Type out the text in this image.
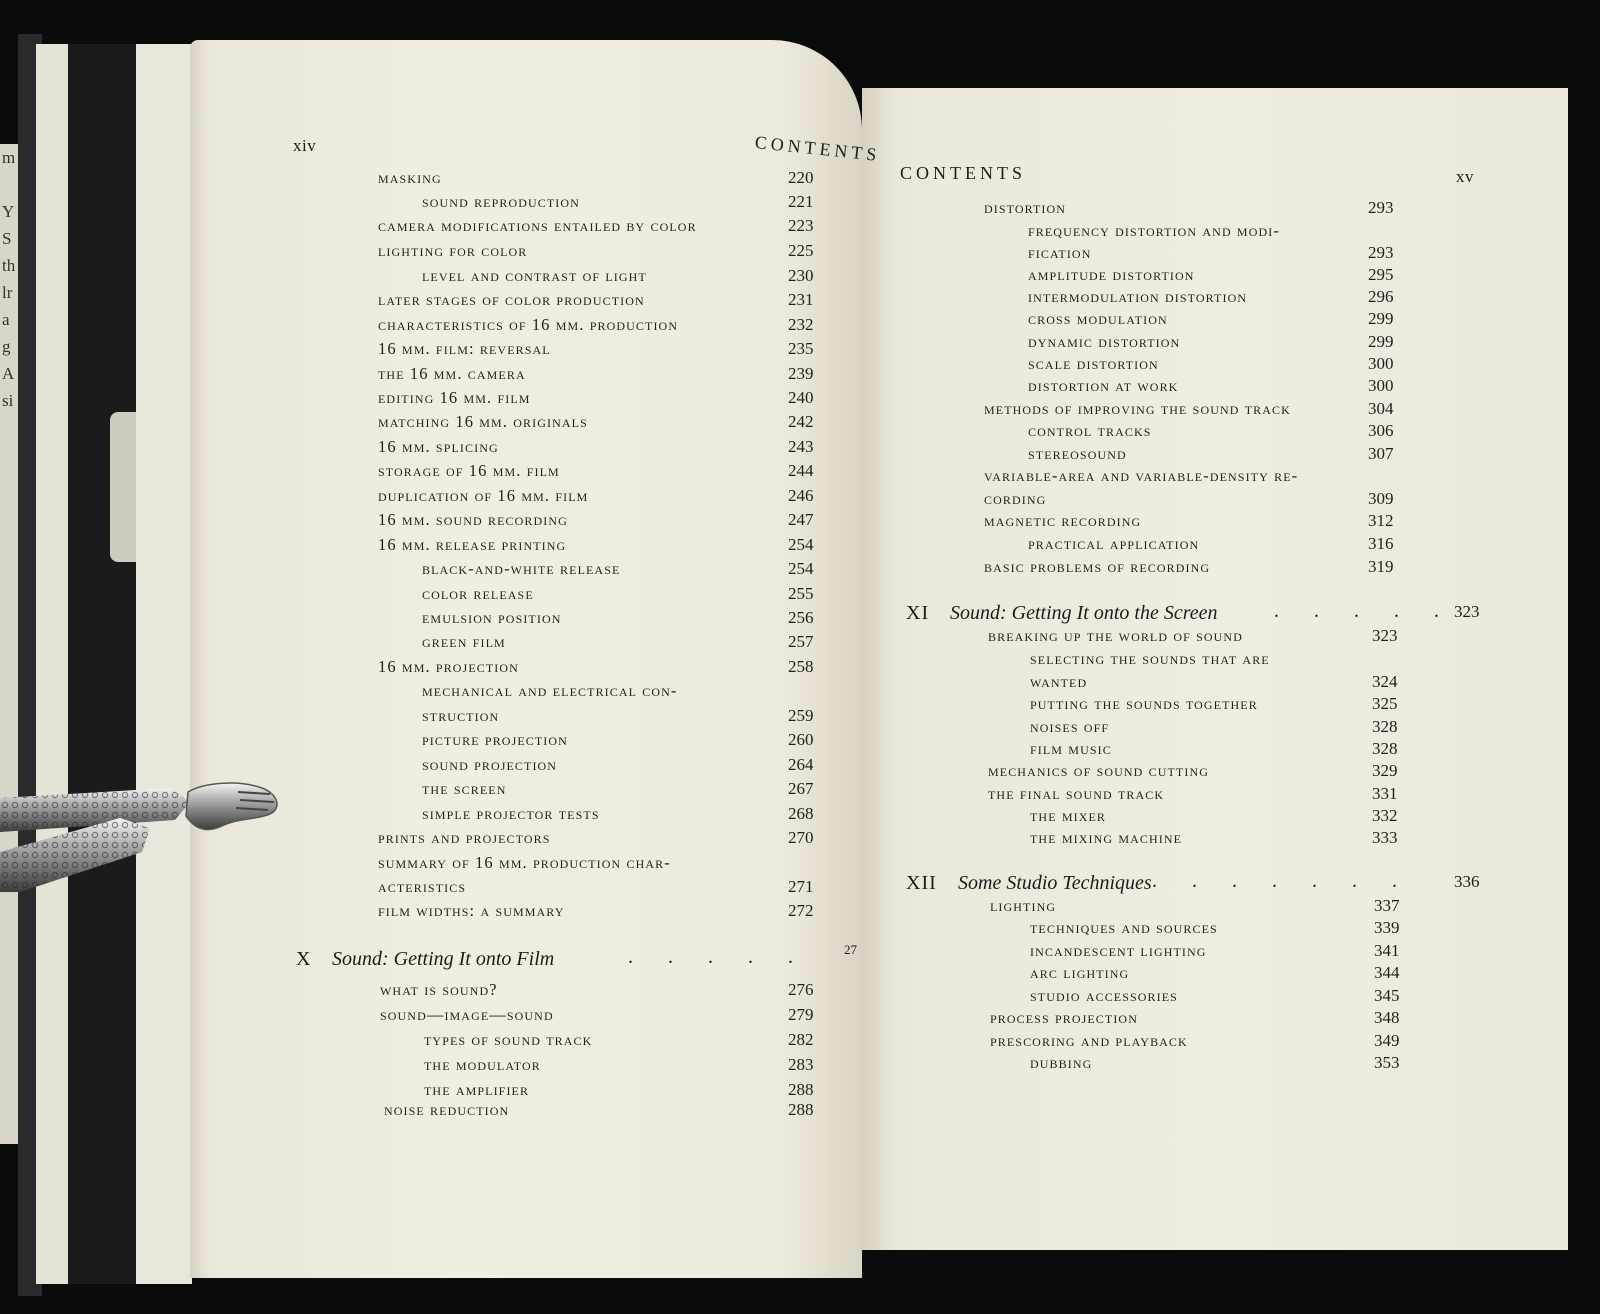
m

Y
S
th
lr
a
g
A
si

xiv	CONTENTS
CONTENTS	xv
X Sound: Getting It onto Film	. . . . .	27
XI Sound: Getting It onto the Screen	. . . . . 323
XII Some Studio Techniques . . . . . . . 336
masking	220
sound reproduction	221
camera modifications entailed by color	223
lighting for color	225
level and contrast of light	230
later stages of color production	231
characteristics of 16 mm. production	232
16 mm. film: reversal	235
the 16 mm. camera	239
editing 16 mm. film	240
matching 16 mm. originals	242
16 mm. splicing	243
storage of 16 mm. film	244
duplication of 16 mm. film	246
16 mm. sound recording	247
16 mm. release printing	254
black-and-white release	254
color release	255
emulsion position	256
green film	257
16 mm. projection	258
mechanical and electrical con-
struction	259
picture projection	260
sound projection	264
the screen	267
simple projector tests	268
prints and projectors	270
summary of 16 mm. production char-
acteristics	271
film widths: a summary	272
what is sound?	276
sound—image—sound	279
types of sound track	282
the modulator	283
the amplifier	288
noise reduction	288
distortion	293
frequency distortion and modi-
fication	293
amplitude distortion	295
intermodulation distortion	296
cross modulation	299
dynamic distortion	299
scale distortion	300
distortion at work	300
methods of improving the sound track	304
control tracks	306
stereosound	307
variable-area and variable-density re-
cording	309
magnetic recording	312
practical application	316
basic problems of recording	319
breaking up the world of sound	323
selecting the sounds that are
wanted	324
putting the sounds together	325
noises off	328
film music	328
mechanics of sound cutting	329
the final sound track	331
the mixer	332
the mixing machine	333
lighting	337
techniques and sources	339
incandescent lighting	341
arc lighting	344
studio accessories	345
process projection	348
prescoring and playback	349
dubbing	353
